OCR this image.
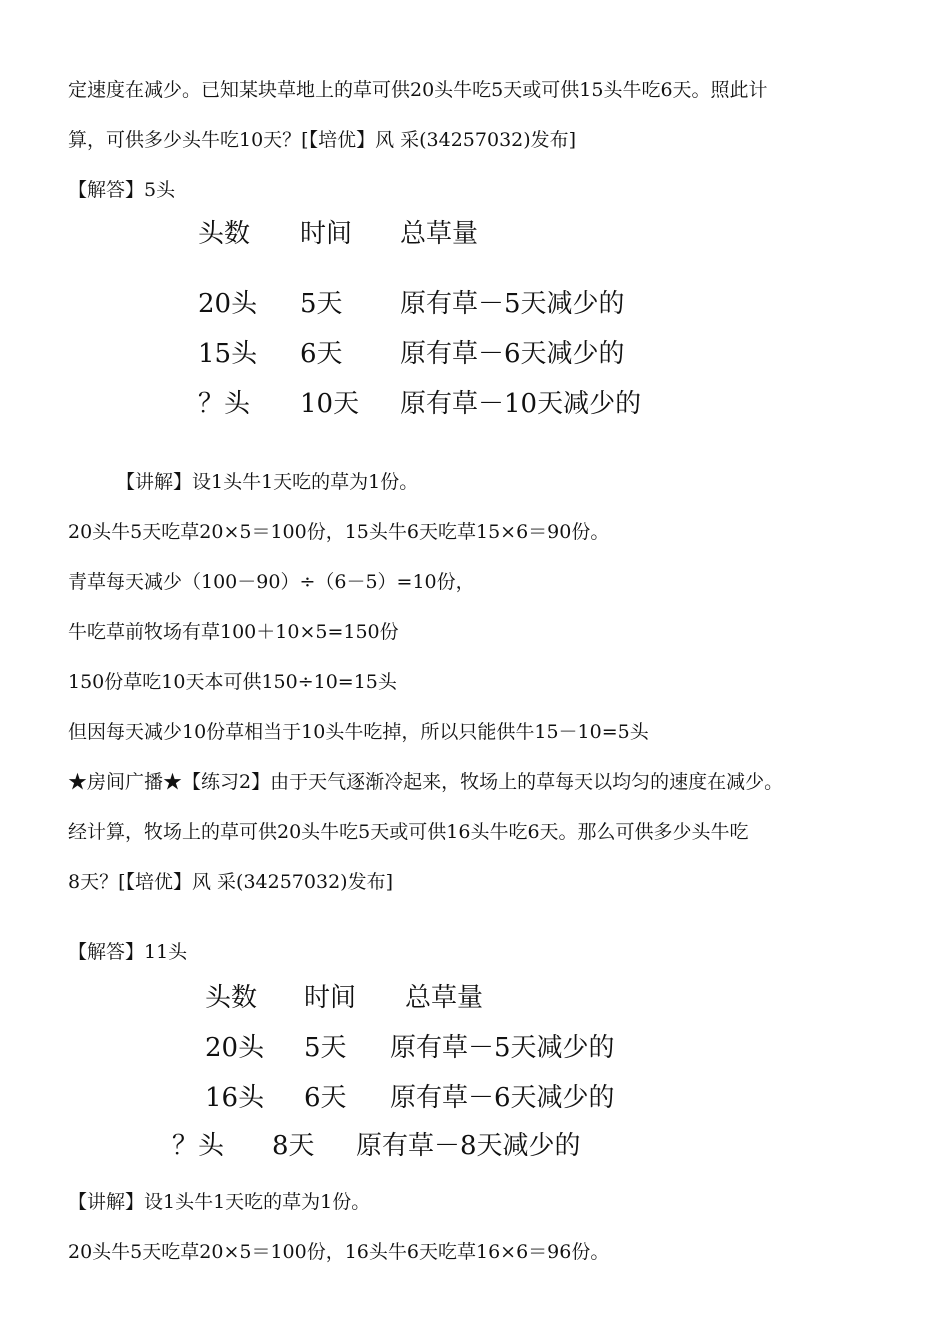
定速度在减少。已知某块草地上的草可供20头牛吃5天或可供15头牛吃6天。照此计
算，可供多少头牛吃10天？[【培优】风 采(34257032)发布]
【解答】5头
头数 时间 总草量
20头 5天 原有草－5天减少的
15头 6天 原有草－6天减少的
？头 10天 原有草－10天减少的
【讲解】设1头牛1天吃的草为1份。
20头牛5天吃草20×5＝100份，15头牛6天吃草15×6＝90份。
青草每天减少（100－90）÷（6－5）=10份，
牛吃草前牧场有草100＋10×5=150份
150份草吃10天本可供150÷10=15头
但因每天减少10份草相当于10头牛吃掉，所以只能供牛15－10=5头
★房间广播★【练习2】由于天气逐渐冷起来，牧场上的草每天以均匀的速度在减少。
经计算，牧场上的草可供20头牛吃5天或可供16头牛吃6天。那么可供多少头牛吃
8天？[【培优】风 采(34257032)发布]
【解答】11头
头数 时间 总草量
20头 5天 原有草－5天减少的
16头 6天 原有草－6天减少的
？头 8天 原有草－8天减少的
【讲解】设1头牛1天吃的草为1份。
20头牛5天吃草20×5＝100份，16头牛6天吃草16×6＝96份。
